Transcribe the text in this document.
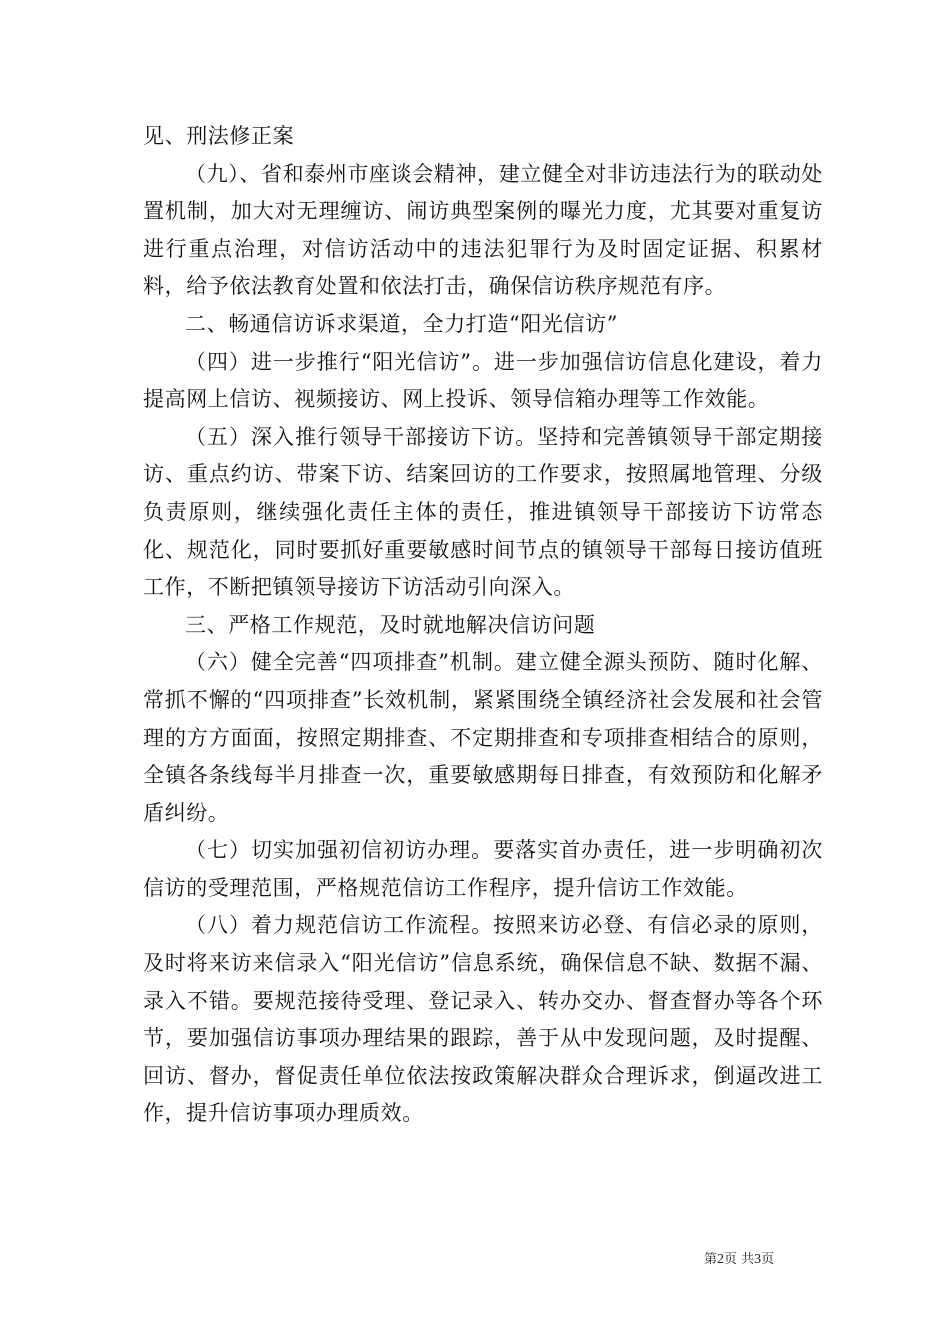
见、刑法修正案

（九）、省和泰州市座谈会精神，建立健全对非访违法行为的联动处置机制，加大对无理缠访、闹访典型案例的曝光力度，尤其要对重复访进行重点治理，对信访活动中的违法犯罪行为及时固定证据、积累材料，给予依法教育处置和依法打击，确保信访秩序规范有序。

二、畅通信访诉求渠道，全力打造“阳光信访”

（四）进一步推行“阳光信访”。进一步加强信访信息化建设，着力提高网上信访、视频接访、网上投诉、领导信箱办理等工作效能。

（五）深入推行领导干部接访下访。坚持和完善镇领导干部定期接访、重点约访、带案下访、结案回访的工作要求，按照属地管理、分级负责原则，继续强化责任主体的责任，推进镇领导干部接访下访常态化、规范化，同时要抓好重要敏感时间节点的镇领导干部每日接访值班工作，不断把镇领导接访下访活动引向深入。

三、严格工作规范，及时就地解决信访问题

（六）健全完善“四项排查”机制。建立健全源头预防、随时化解、常抓不懈的“四项排查”长效机制，紧紧围绕全镇经济社会发展和社会管理的方方面面，按照定期排查、不定期排查和专项排查相结合的原则，全镇各条线每半月排查一次，重要敏感期每日排查，有效预防和化解矛盾纠纷。

（七）切实加强初信初访办理。要落实首办责任，进一步明确初次信访的受理范围，严格规范信访工作程序，提升信访工作效能。

（八）着力规范信访工作流程。按照来访必登、有信必录的原则，及时将来访来信录入“阳光信访”信息系统，确保信息不缺、数据不漏、录入不错。要规范接待受理、登记录入、转办交办、督查督办等各个环节，要加强信访事项办理结果的跟踪，善于从中发现问题，及时提醒、回访、督办，督促责任单位依法按政策解决群众合理诉求，倒逼改进工作，提升信访事项办理质效。

第2页 共3页
